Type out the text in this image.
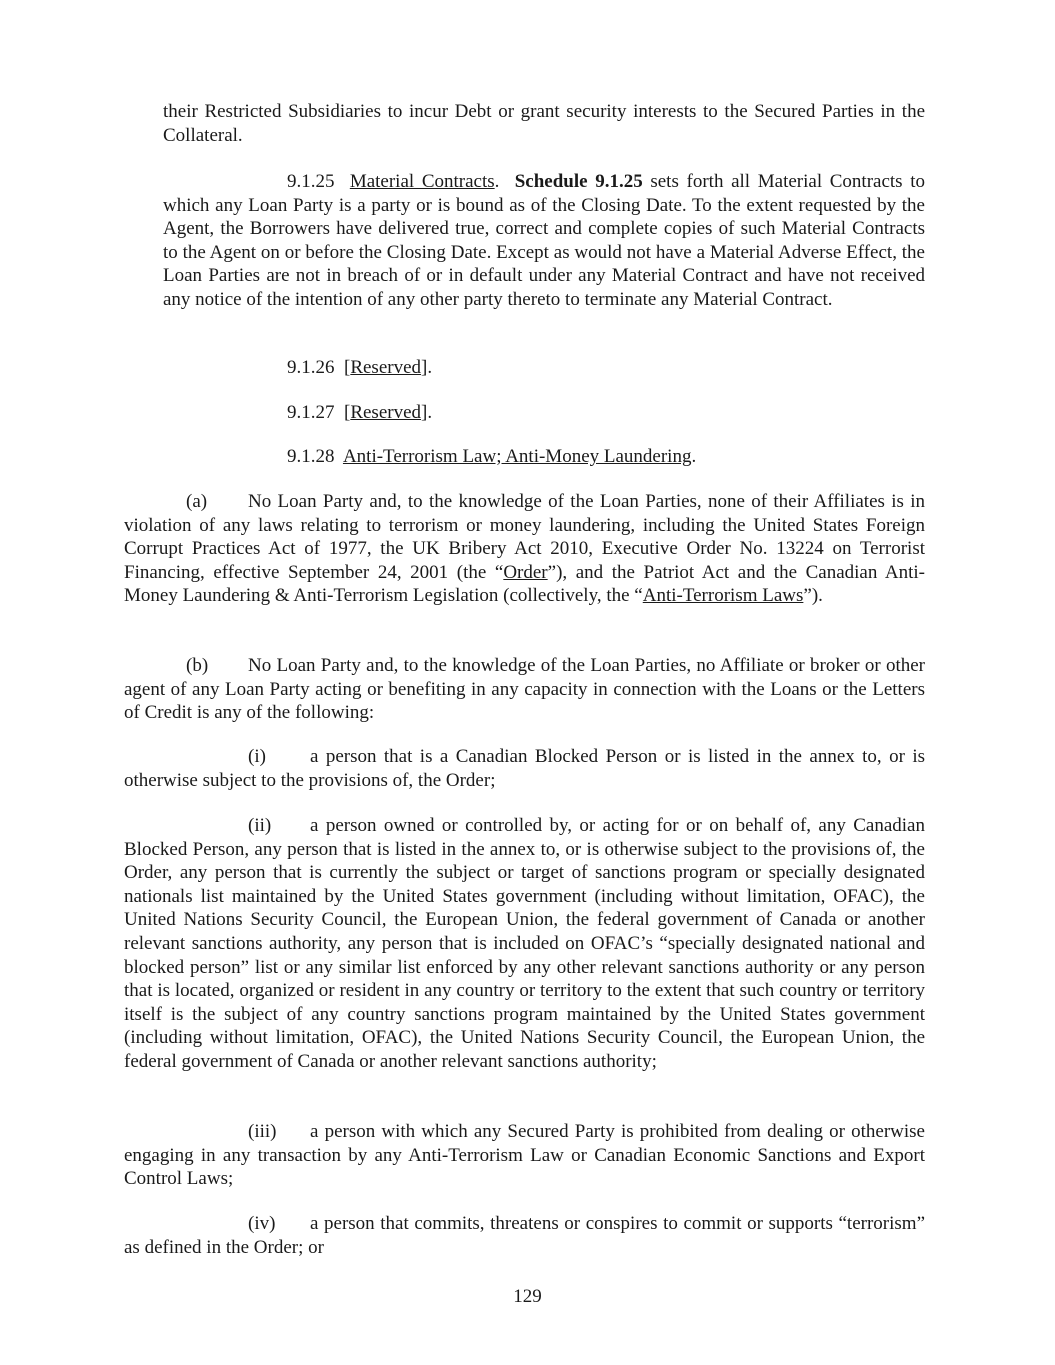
their Restricted Subsidiaries to incur Debt or grant security interests to the Secured Parties in the Collateral.

9.1.25 Material Contracts. Schedule 9.1.25 sets forth all Material Contracts to which any Loan Party is a party or is bound as of the Closing Date. To the extent requested by the Agent, the Borrowers have delivered true, correct and complete copies of such Material Contracts to the Agent on or before the Closing Date. Except as would not have a Material Adverse Effect, the Loan Parties are not in breach of or in default under any Material Contract and have not received any notice of the intention of any other party thereto to terminate any Material Contract.

9.1.26 [Reserved].

9.1.27 [Reserved].

9.1.28 Anti-Terrorism Law; Anti-Money Laundering.

(a) No Loan Party and, to the knowledge of the Loan Parties, none of their Affiliates is in violation of any laws relating to terrorism or money laundering, including the United States Foreign Corrupt Practices Act of 1977, the UK Bribery Act 2010, Executive Order No. 13224 on Terrorist Financing, effective September 24, 2001 (the “Order”), and the Patriot Act and the Canadian Anti-Money Laundering & Anti-Terrorism Legislation (collectively, the “Anti-Terrorism Laws”).

(b) No Loan Party and, to the knowledge of the Loan Parties, no Affiliate or broker or other agent of any Loan Party acting or benefiting in any capacity in connection with the Loans or the Letters of Credit is any of the following:

(i) a person that is a Canadian Blocked Person or is listed in the annex to, or is otherwise subject to the provisions of, the Order;

(ii) a person owned or controlled by, or acting for or on behalf of, any Canadian Blocked Person, any person that is listed in the annex to, or is otherwise subject to the provisions of, the Order, any person that is currently the subject or target of sanctions program or specially designated nationals list maintained by the United States government (including without limitation, OFAC), the United Nations Security Council, the European Union, the federal government of Canada or another relevant sanctions authority, any person that is included on OFAC’s “specially designated national and blocked person” list or any similar list enforced by any other relevant sanctions authority or any person that is located, organized or resident in any country or territory to the extent that such country or territory itself is the subject of any country sanctions program maintained by the United States government (including without limitation, OFAC), the United Nations Security Council, the European Union, the federal government of Canada or another relevant sanctions authority;

(iii) a person with which any Secured Party is prohibited from dealing or otherwise engaging in any transaction by any Anti-Terrorism Law or Canadian Economic Sanctions and Export Control Laws;

(iv) a person that commits, threatens or conspires to commit or supports “terrorism” as defined in the Order; or

129
